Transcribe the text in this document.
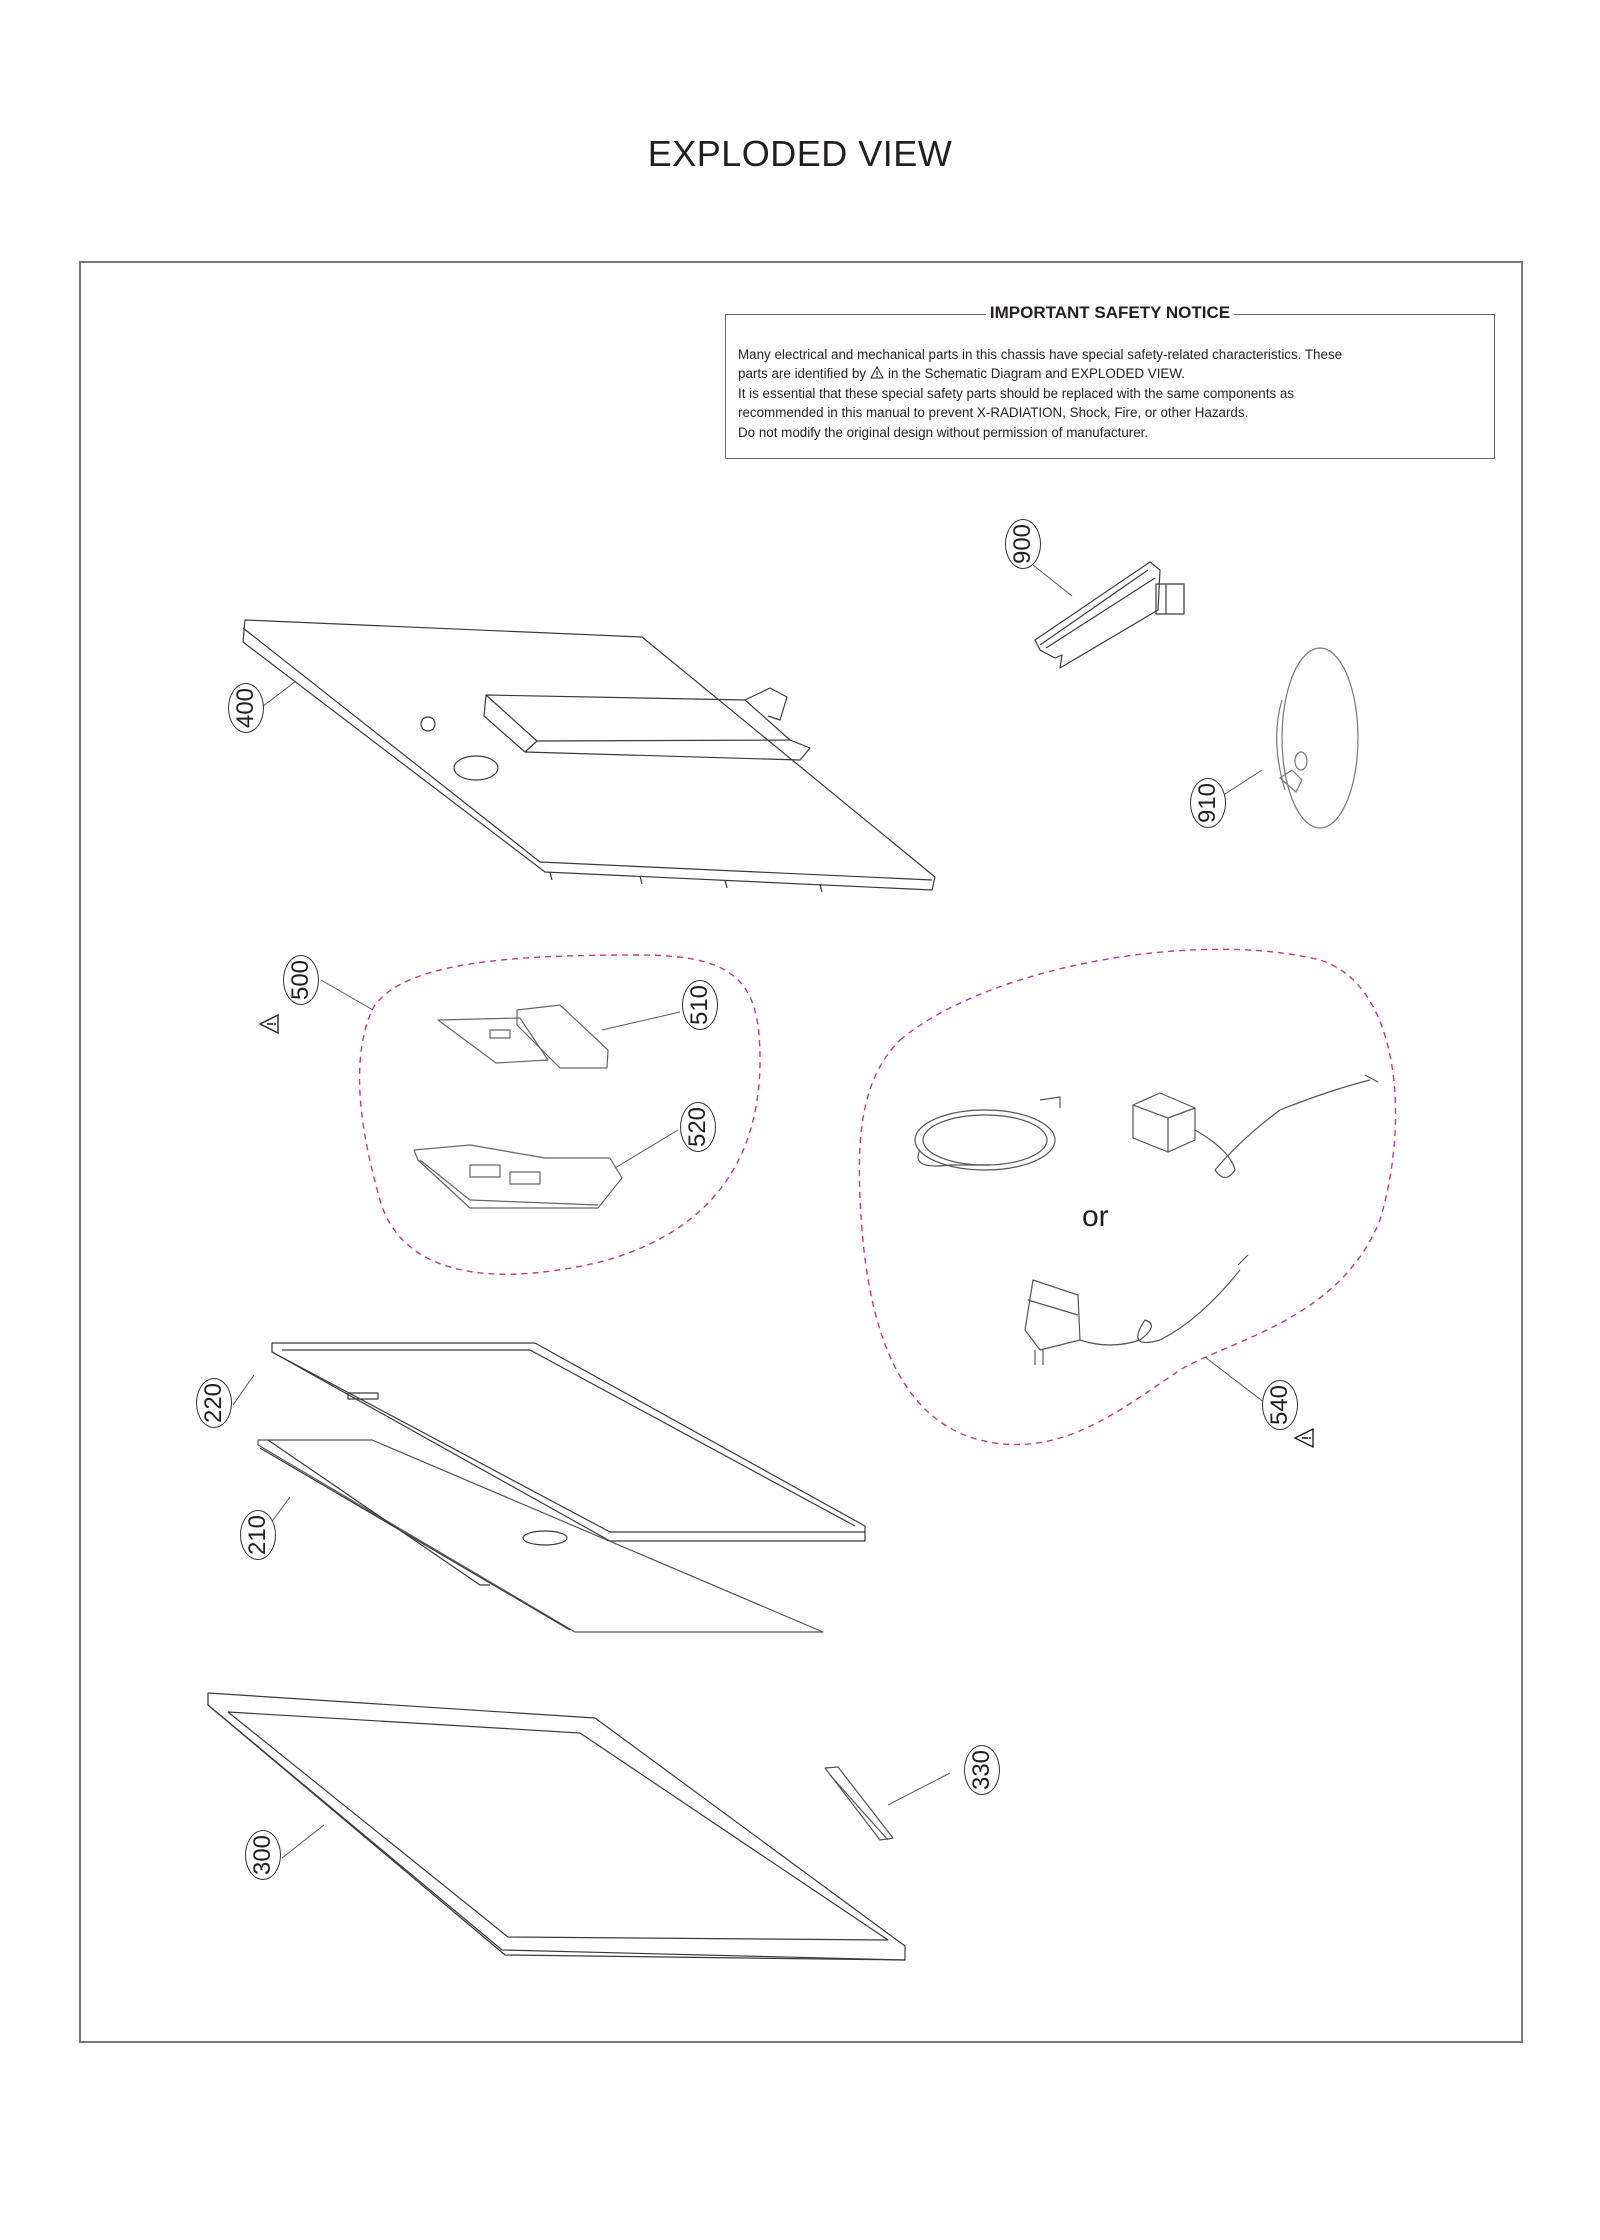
EXPLODED VIEW
IMPORTANT SAFETY NOTICE

Many electrical and mechanical parts in this chassis have special safety-related characteristics. These

parts are identified by in the Schematic Diagram and EXPLODED VIEW.

It is essential that these special safety parts should be replaced with the same components as

recommended in this manual to prevent X-RADIATION, Shock, Fire, or other Hazards.

Do not modify the original design without permission of manufacturer.

900
910
400
500
510
520
540
220
210
300
330
or
